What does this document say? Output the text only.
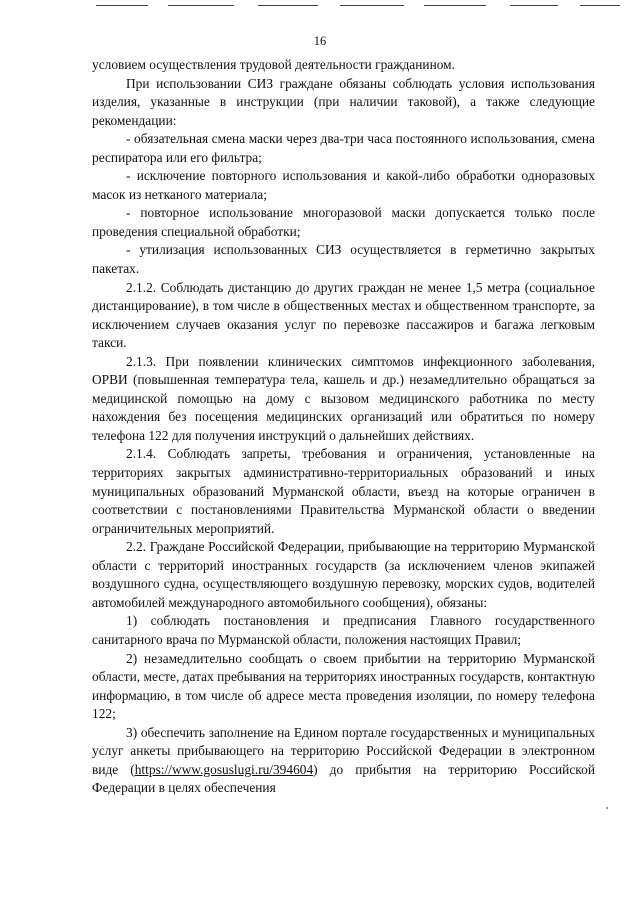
16

условием осуществления трудовой деятельности гражданином.

При использовании СИЗ граждане обязаны соблюдать условия использования изделия, указанные в инструкции (при наличии таковой), а также следующие рекомендации:

- обязательная смена маски через два-три часа постоянного использования, смена респиратора или его фильтра;

- исключение повторного использования и какой-либо обработки одноразовых масок из нетканого материала;

- повторное использование многоразовой маски допускается только после проведения специальной обработки;

- утилизация использованных СИЗ осуществляется в герметично закрытых пакетах.

2.1.2. Соблюдать дистанцию до других граждан не менее 1,5 метра (социальное дистанцирование), в том числе в общественных местах и общественном транспорте, за исключением случаев оказания услуг по перевозке пассажиров и багажа легковым такси.

2.1.3. При появлении клинических симптомов инфекционного заболевания, ОРВИ (повышенная температура тела, кашель и др.) незамедлительно обращаться за медицинской помощью на дому с вызовом медицинского работника по месту нахождения без посещения медицинских организаций или обратиться по номеру телефона 122 для получения инструкций о дальнейших действиях.

2.1.4. Соблюдать запреты, требования и ограничения, установленные на территориях закрытых административно-территориальных образований и иных муниципальных образований Мурманской области, въезд на которые ограничен в соответствии с постановлениями Правительства Мурманской области о введении ограничительных мероприятий.

2.2. Граждане Российской Федерации, прибывающие на территорию Мурманской области с территорий иностранных государств (за исключением членов экипажей воздушного судна, осуществляющего воздушную перевозку, морских судов, водителей автомобилей международного автомобильного сообщения), обязаны:

1) соблюдать постановления и предписания Главного государственного санитарного врача по Мурманской области, положения настоящих Правил;

2) незамедлительно сообщать о своем прибытии на территорию Мурманской области, месте, датах пребывания на территориях иностранных государств, контактную информацию, в том числе об адресе места проведения изоляции, по номеру телефона 122;

3) обеспечить заполнение на Едином портале государственных и муниципальных услуг анкеты прибывающего на территорию Российской Федерации в электронном виде (https://www.gosuslugi.ru/394604) до прибытия на территорию Российской Федерации в целях обеспечения
